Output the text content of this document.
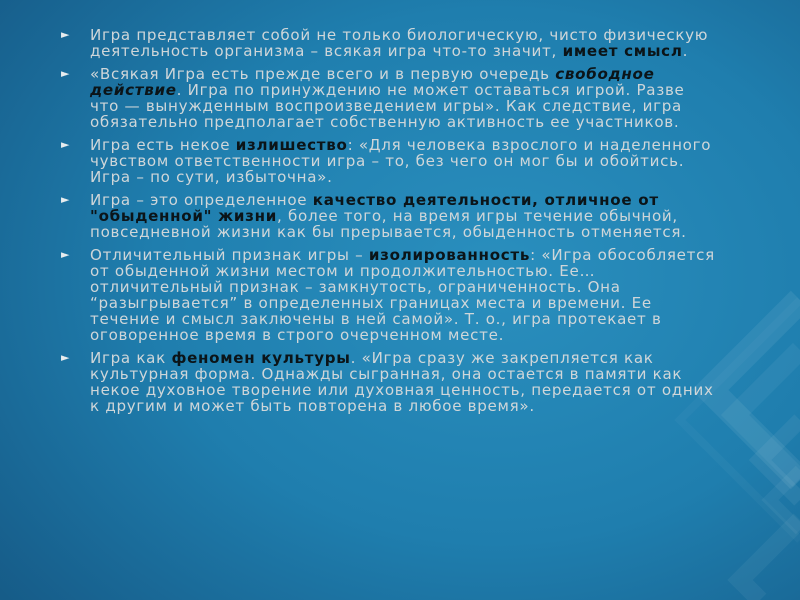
► Игра представляет собой не только биологическую, чисто физическую деятельность организма – всякая игра что-то значит, имеет смысл.
► «Всякая Игра есть прежде всего и в первую очередь свободное действие. Игра по принуждению не может оставаться игрой. Разве что — вынужденным воспроизведением игры». Как следствие, игра обязательно предполагает собственную активность ее участников.
► Игра есть некое излишество: «Для человека взрослого и наделенного чувством ответственности игра – то, без чего он мог бы и обойтись. Игра – по сути, избыточна».
► Игра – это определенное качество деятельности, отличное от "обыденной" жизни, более того, на время игры течение обычной, повседневной жизни как бы прерывается, обыденность отменяется.
► Отличительный признак игры – изолированность: «Игра обособляется от обыденной жизни местом и продолжительностью. Ее…отличительный признак – замкнутость, ограниченность. Она “разыгрывается” в определенных границах места и времени. Ее течение и смысл заключены в ней самой». Т. о., игра протекает в оговоренное время в строго очерченном месте.
► Игра как феномен культуры. «Игра сразу же закрепляется как культурная форма. Однажды сыгранная, она остается в памяти как некое духовное творение или духовная ценность, передается от одних к другим и может быть повторена в любое время».
